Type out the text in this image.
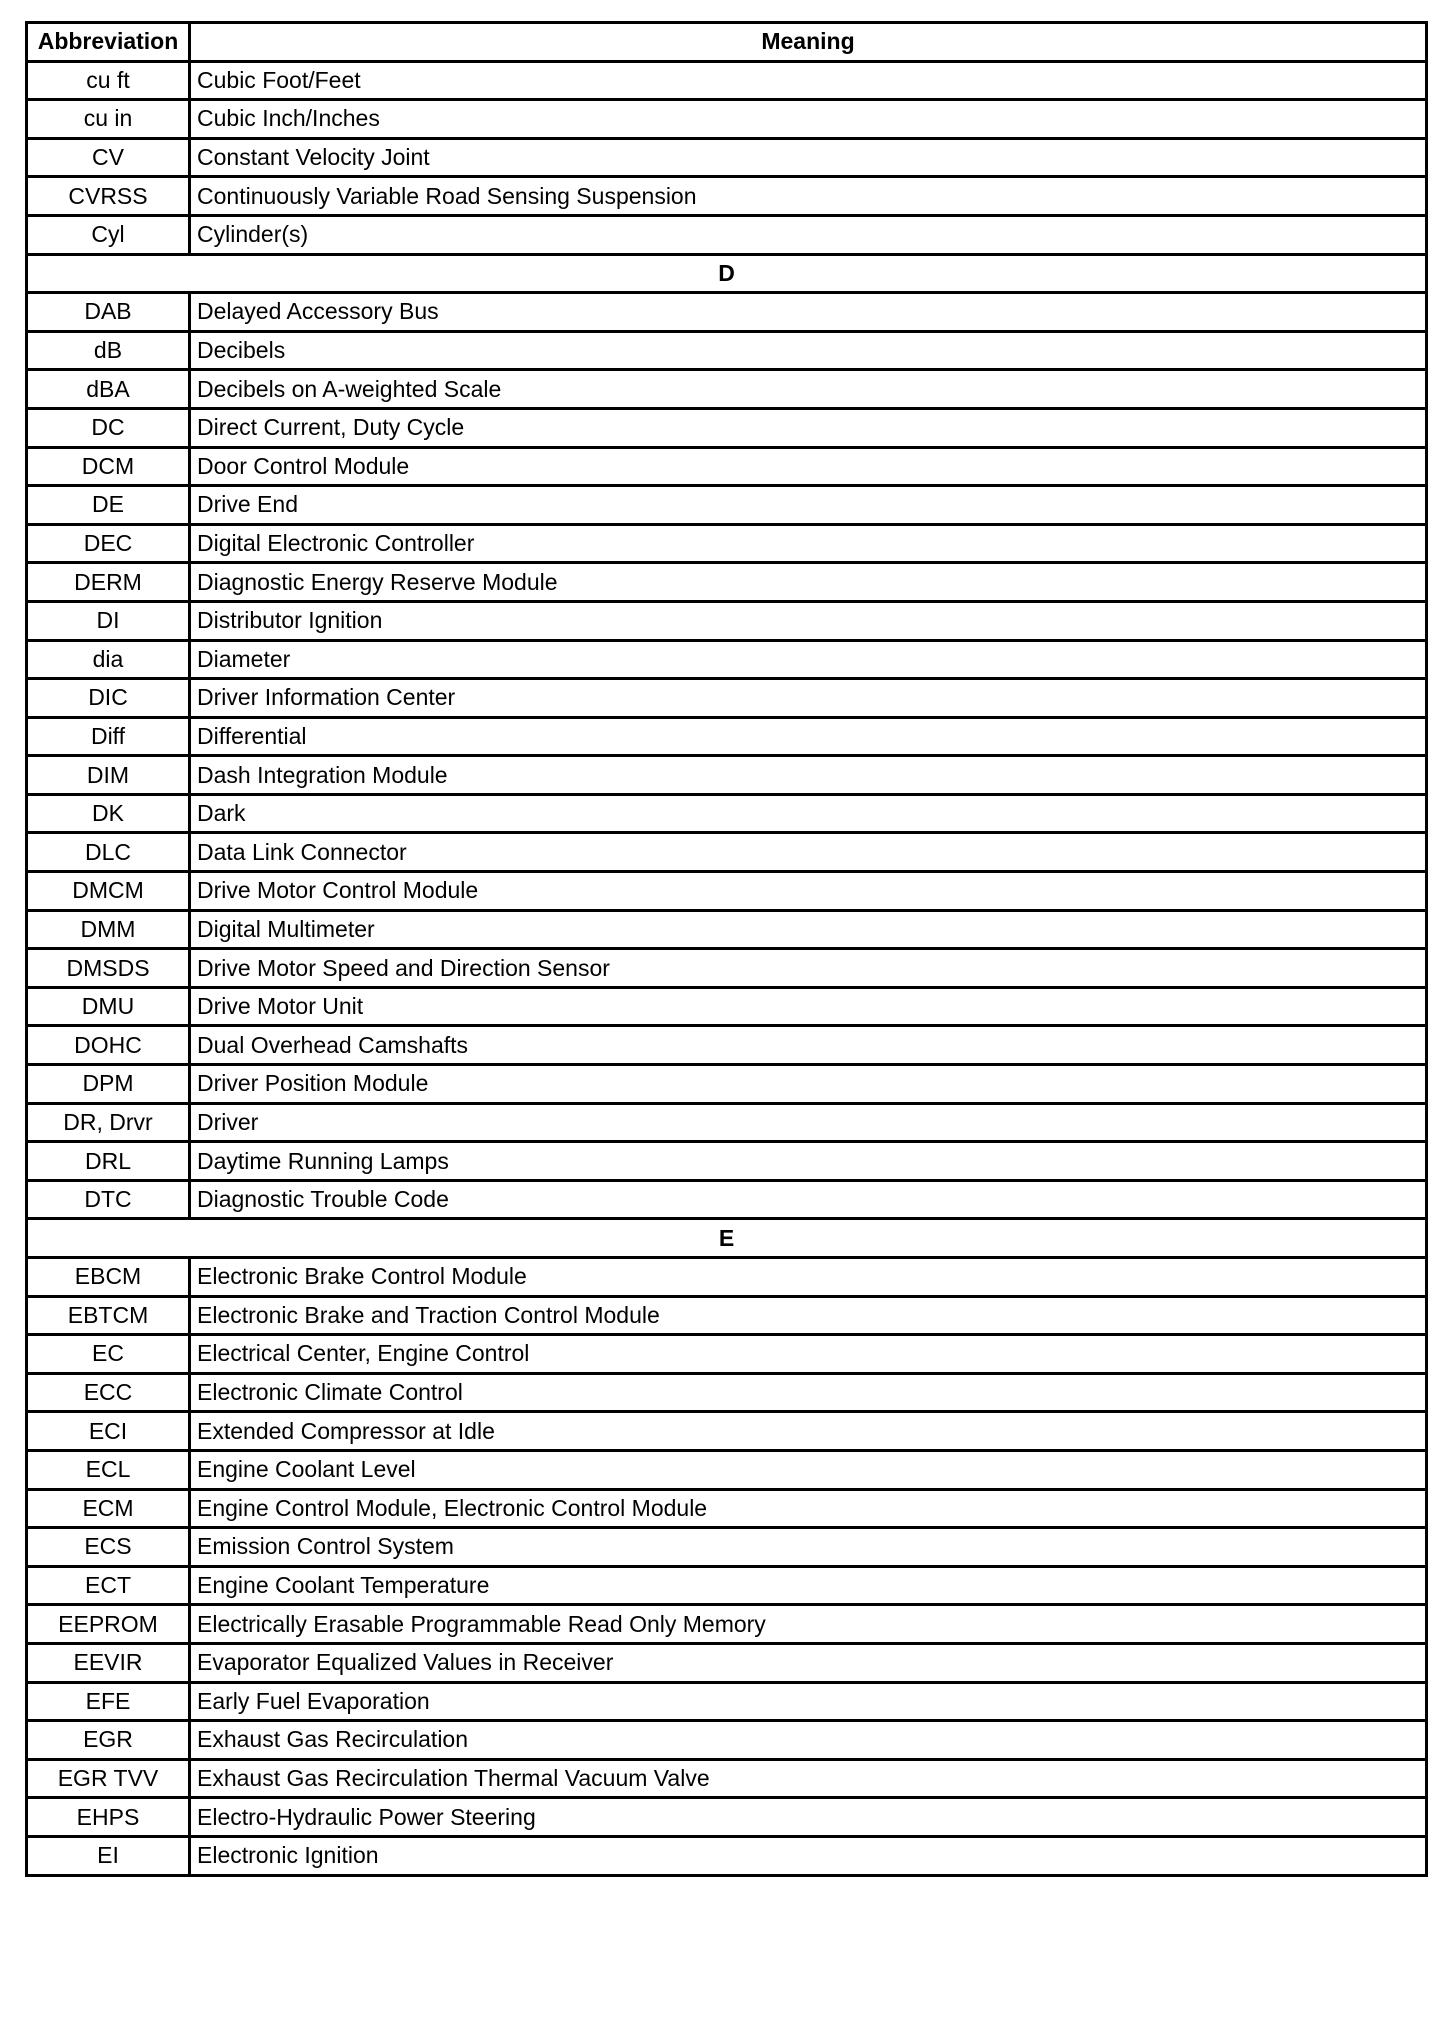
Abbreviation	Meaning
cu ft	Cubic Foot/Feet
cu in	Cubic Inch/Inches
CV	Constant Velocity Joint
CVRSS	Continuously Variable Road Sensing Suspension
Cyl	Cylinder(s)
D	
DAB	Delayed Accessory Bus
dB	Decibels
dBA	Decibels on A-weighted Scale
DC	Direct Current, Duty Cycle
DCM	Door Control Module
DE	Drive End
DEC	Digital Electronic Controller
DERM	Diagnostic Energy Reserve Module
DI	Distributor Ignition
dia	Diameter
DIC	Driver Information Center
Diff	Differential
DIM	Dash Integration Module
DK	Dark
DLC	Data Link Connector
DMCM	Drive Motor Control Module
DMM	Digital Multimeter
DMSDS	Drive Motor Speed and Direction Sensor
DMU	Drive Motor Unit
DOHC	Dual Overhead Camshafts
DPM	Driver Position Module
DR, Drvr	Driver
DRL	Daytime Running Lamps
DTC	Diagnostic Trouble Code
E	
EBCM	Electronic Brake Control Module
EBTCM	Electronic Brake and Traction Control Module
EC	Electrical Center, Engine Control
ECC	Electronic Climate Control
ECI	Extended Compressor at Idle
ECL	Engine Coolant Level
ECM	Engine Control Module, Electronic Control Module
ECS	Emission Control System
ECT	Engine Coolant Temperature
EEPROM	Electrically Erasable Programmable Read Only Memory
EEVIR	Evaporator Equalized Values in Receiver
EFE	Early Fuel Evaporation
EGR	Exhaust Gas Recirculation
EGR TVV	Exhaust Gas Recirculation Thermal Vacuum Valve
EHPS	Electro-Hydraulic Power Steering
EI	Electronic Ignition
